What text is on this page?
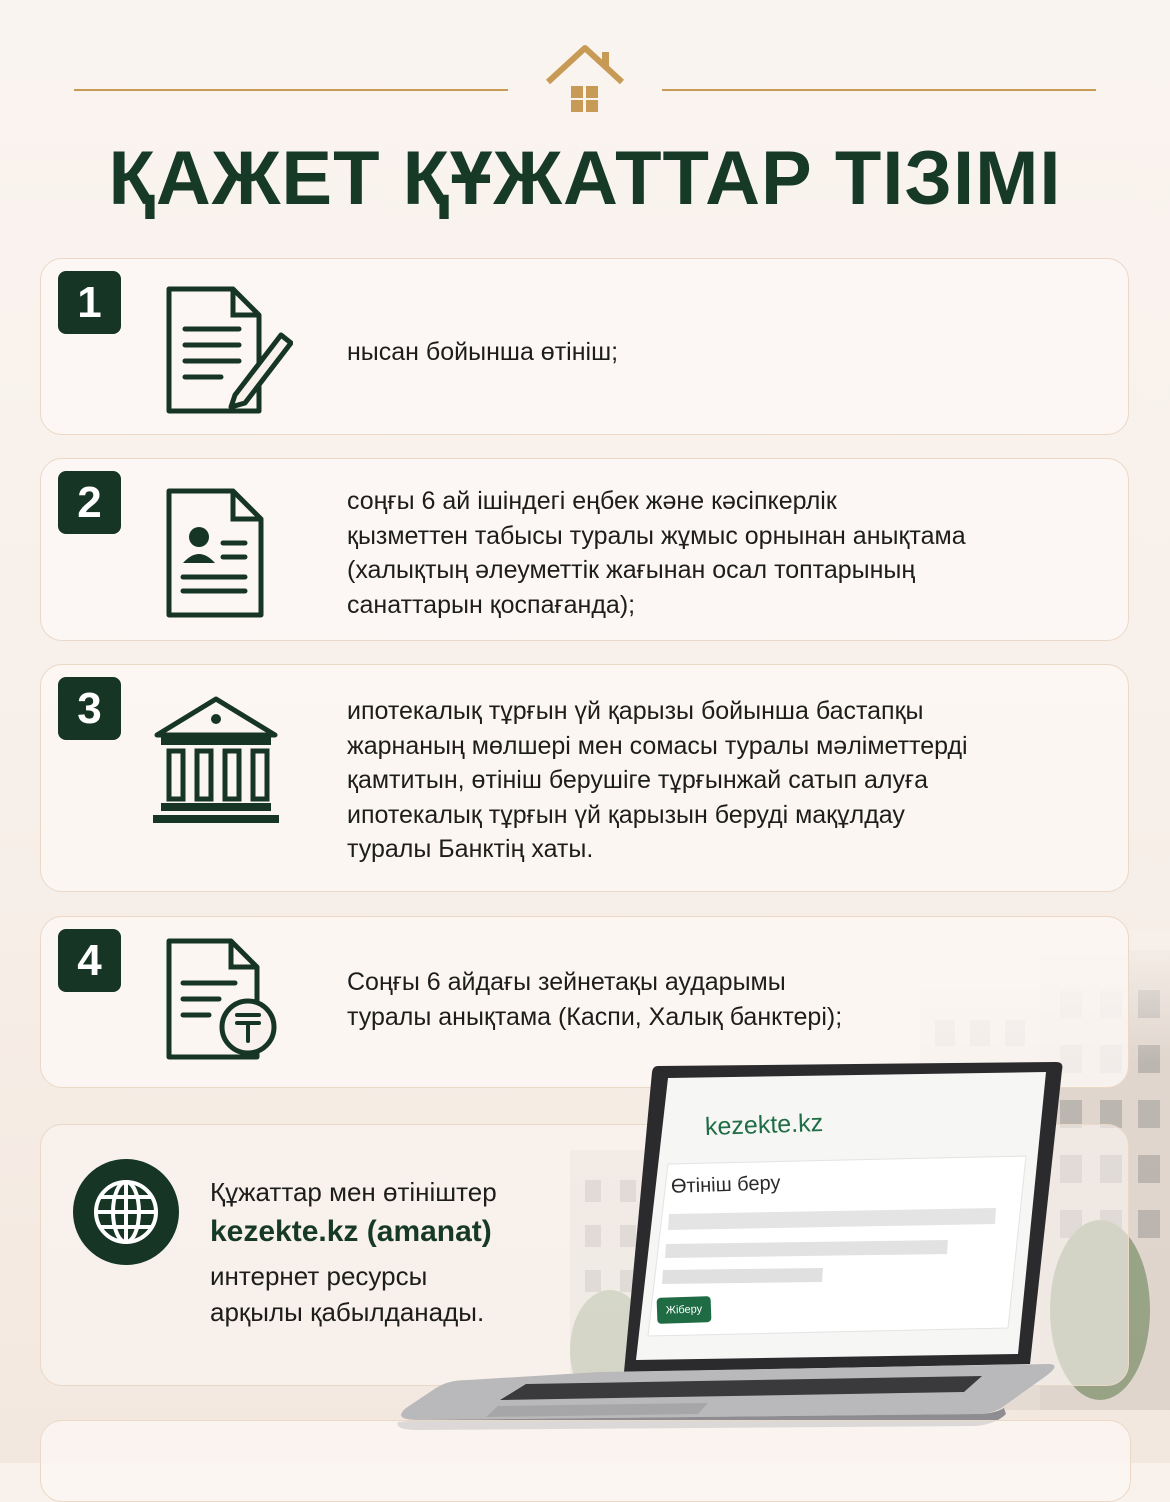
ҚАЖЕТ ҚҰЖАТТАР ТІЗІМІ
1

нысан бойынша өтініш;

2	соңғы 6 ай ішіндегі еңбек және кәсіпкерлік
қызметтен табысы туралы жұмыс орнынан анықтама
(халықтың әлеуметтік жағынан осал топтарының
санаттарын қоспағанда);

3	ипотекалық тұрғын үй қарызы бойынша бастапқы
жарнаның мөлшері мен сомасы туралы мәліметтерді
қамтитын, өтініш берушіге тұрғынжай сатып алуға
ипотекалық тұрғын үй қарызын беруді мақұлдау
туралы Банктің хаты.

4	Соңғы 6 айдағы зейнетақы аударымы
туралы анықтама (Каспи, Халық банктері);

Құжаттар мен өтініштер

kezekte.kz (amanat)

интернет ресурсы

арқылы қабылданады.

kezekte.kz
Өтініш беру
Жіберу
